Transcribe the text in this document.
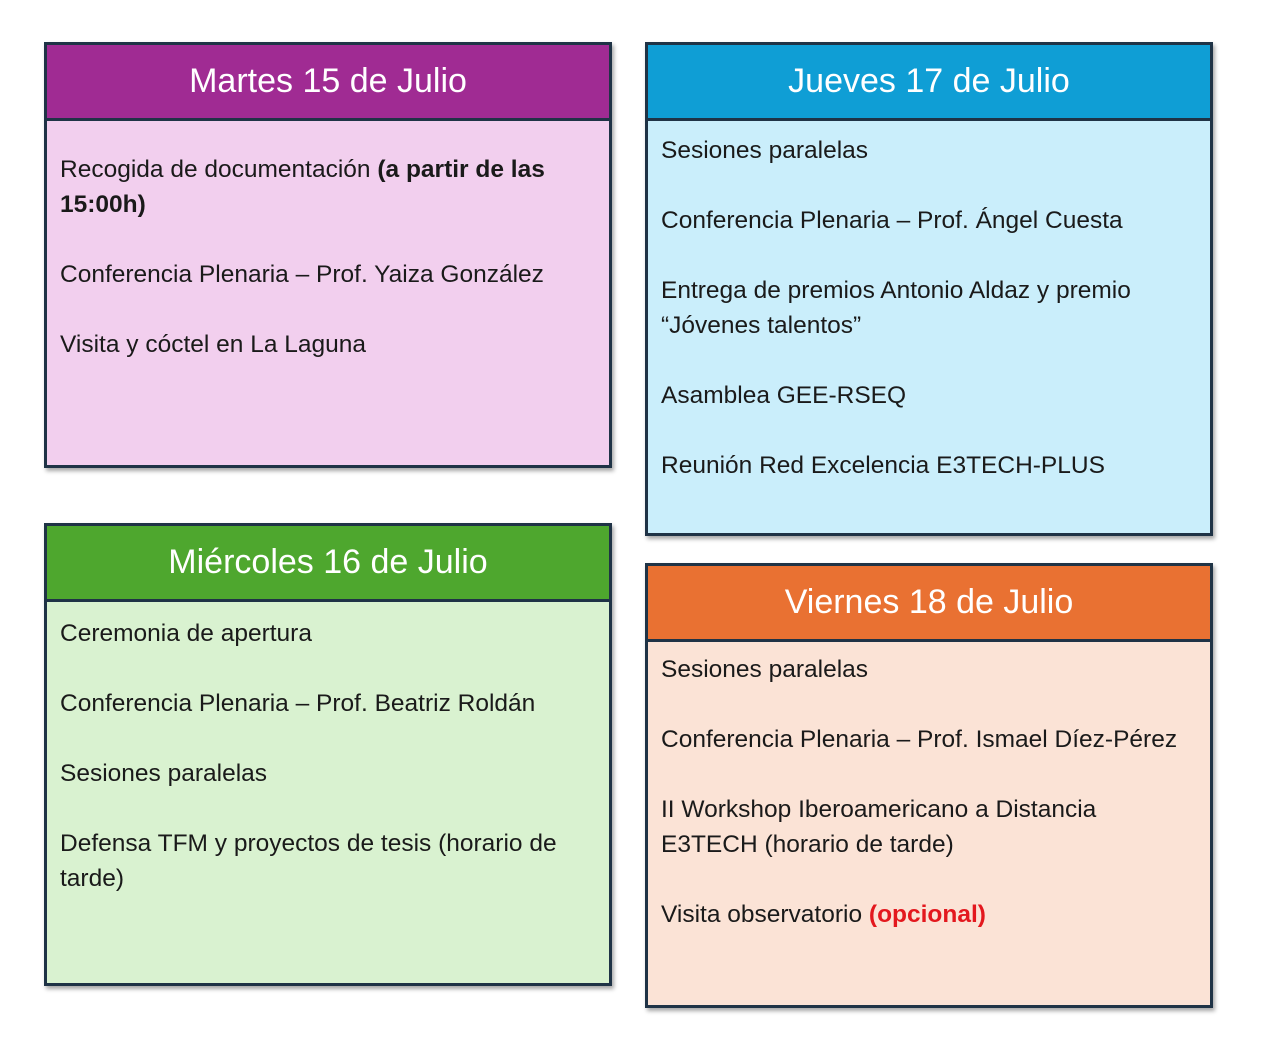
Martes 15 de Julio
Recogida de documentación (a partir de las 15:00h)
Conferencia Plenaria – Prof. Yaiza González
Visita y cóctel en La Laguna
Miércoles 16 de Julio
Ceremonia de apertura
Conferencia Plenaria – Prof. Beatriz Roldán
Sesiones paralelas
Defensa TFM y proyectos de tesis (horario de tarde)
Jueves 17 de Julio
Sesiones paralelas
Conferencia Plenaria – Prof. Ángel Cuesta
Entrega de premios Antonio Aldaz y premio “Jóvenes talentos”
Asamblea GEE-RSEQ
Reunión Red Excelencia E3TECH-PLUS
Viernes 18 de Julio
Sesiones paralelas
Conferencia Plenaria – Prof. Ismael Díez-Pérez
II Workshop Iberoamericano a Distancia E3TECH (horario de tarde)
Visita observatorio (opcional)
